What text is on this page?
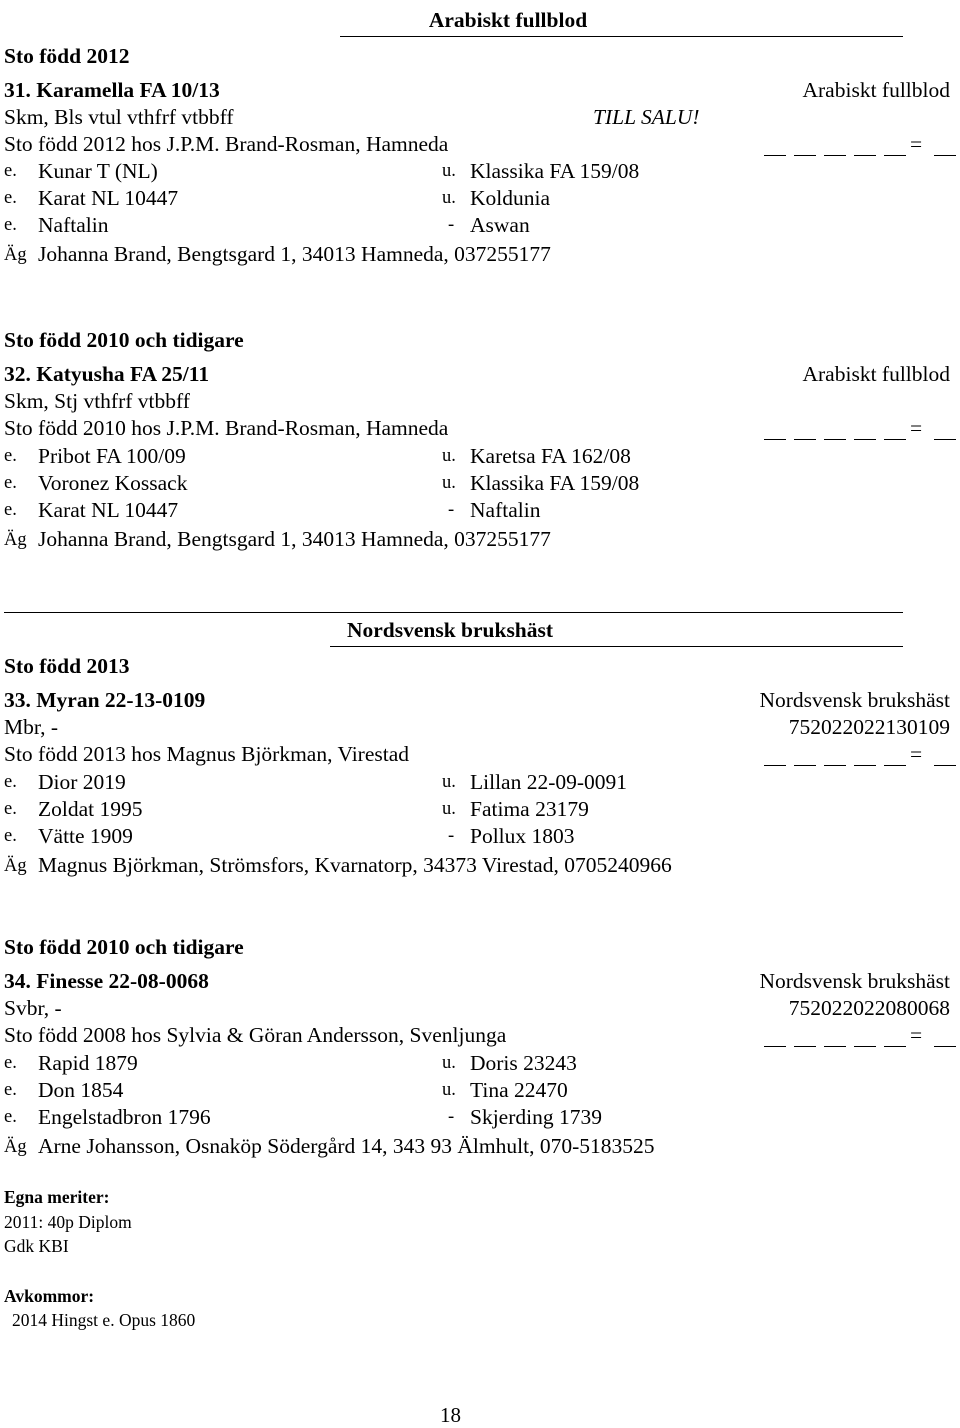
Arabiskt fullblod
Sto född 2012
31. Karamella FA 10/13	Arabiskt fullblod
Skm, Bls vtul vthfrf vtbbff	TILL SALU!
Sto född 2012 hos J.P.M. Brand-Rosman, Hamneda	=
e. Kunar T (NL)	u. Klassika FA 159/08
e. Karat NL 10447	u. Koldunia
e. Naftalin	- Aswan
Äg Johanna Brand, Bengtsgard 1, 34013 Hamneda, 037255177
Sto född 2010 och tidigare
32. Katyusha FA 25/11	Arabiskt fullblod
Skm, Stj vthfrf vtbbff
Sto född 2010 hos J.P.M. Brand-Rosman, Hamneda	=
e. Pribot FA 100/09	u. Karetsa FA 162/08
e. Voronez Kossack	u. Klassika FA 159/08
e. Karat NL 10447	- Naftalin
Äg Johanna Brand, Bengtsgard 1, 34013 Hamneda, 037255177
Nordsvensk brukshäst
Sto född 2013
33. Myran 22-13-0109	Nordsvensk brukshäst
Mbr, -	752022022130109
Sto född 2013 hos Magnus Björkman, Virestad	=
e. Dior 2019	u. Lillan 22-09-0091
e. Zoldat 1995	u. Fatima 23179
e. Vätte 1909	- Pollux 1803
Äg Magnus Björkman, Strömsfors, Kvarnatorp, 34373 Virestad, 0705240966
Sto född 2010 och tidigare
34. Finesse 22-08-0068	Nordsvensk brukshäst
Svbr, -	752022022080068
Sto född 2008 hos Sylvia & Göran Andersson, Svenljunga	=
e. Rapid 1879	u. Doris 23243
e. Don 1854	u. Tina 22470
e. Engelstadbron 1796	- Skjerding 1739
Äg Arne Johansson, Osnaköp Södergård 14, 343 93 Älmhult, 070-5183525
Egna meriter:
2011: 40p Diplom
Gdk KBI
Avkommor:
2014 Hingst e. Opus 1860
18
